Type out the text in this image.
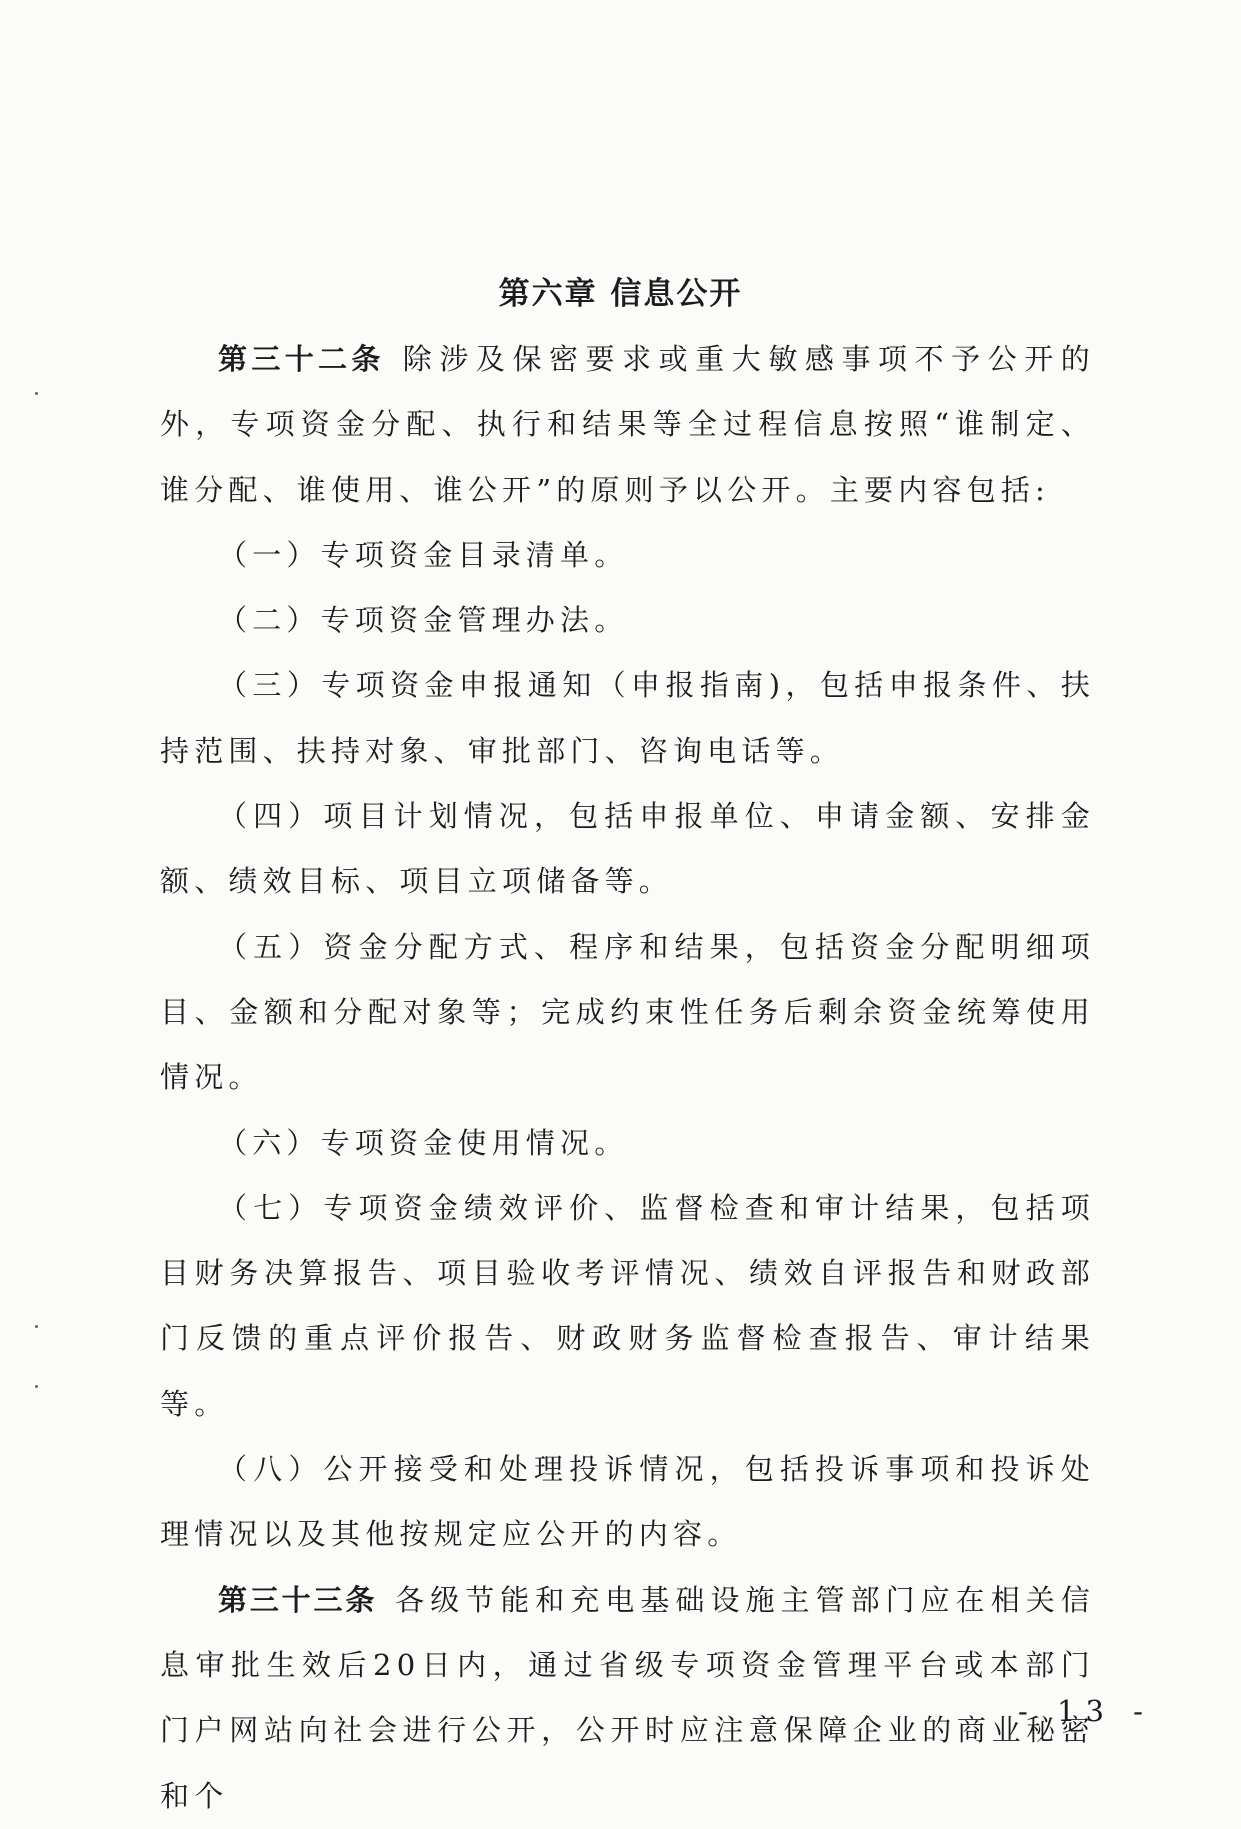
第六章 信息公开

第三十二条 除涉及保密要求或重大敏感事项不予公开的外，专项资金分配、执行和结果等全过程信息按照“谁制定、谁分配、谁使用、谁公开”的原则予以公开。主要内容包括:

（一）专项资金目录清单。

（二）专项资金管理办法。

（三）专项资金申报通知（申报指南)，包括申报条件、扶持范围、扶持对象、审批部门、咨询电话等。

（四）项目计划情况，包括申报单位、申请金额、安排金额、绩效目标、项目立项储备等。

（五）资金分配方式、程序和结果，包括资金分配明细项目、金额和分配对象等；完成约束性任务后剩余资金统筹使用情况。

（六）专项资金使用情况。

（七）专项资金绩效评价、监督检查和审计结果，包括项目财务决算报告、项目验收考评情况、绩效自评报告和财政部门反馈的重点评价报告、财政财务监督检查报告、审计结果等。

（八）公开接受和处理投诉情况，包括投诉事项和投诉处理情况以及其他按规定应公开的内容。

第三十三条 各级节能和充电基础设施主管部门应在相关信息审批生效后20日内，通过省级专项资金管理平台或本部门门户网站向社会进行公开，公开时应注意保障企业的商业秘密和个

- 13 -
